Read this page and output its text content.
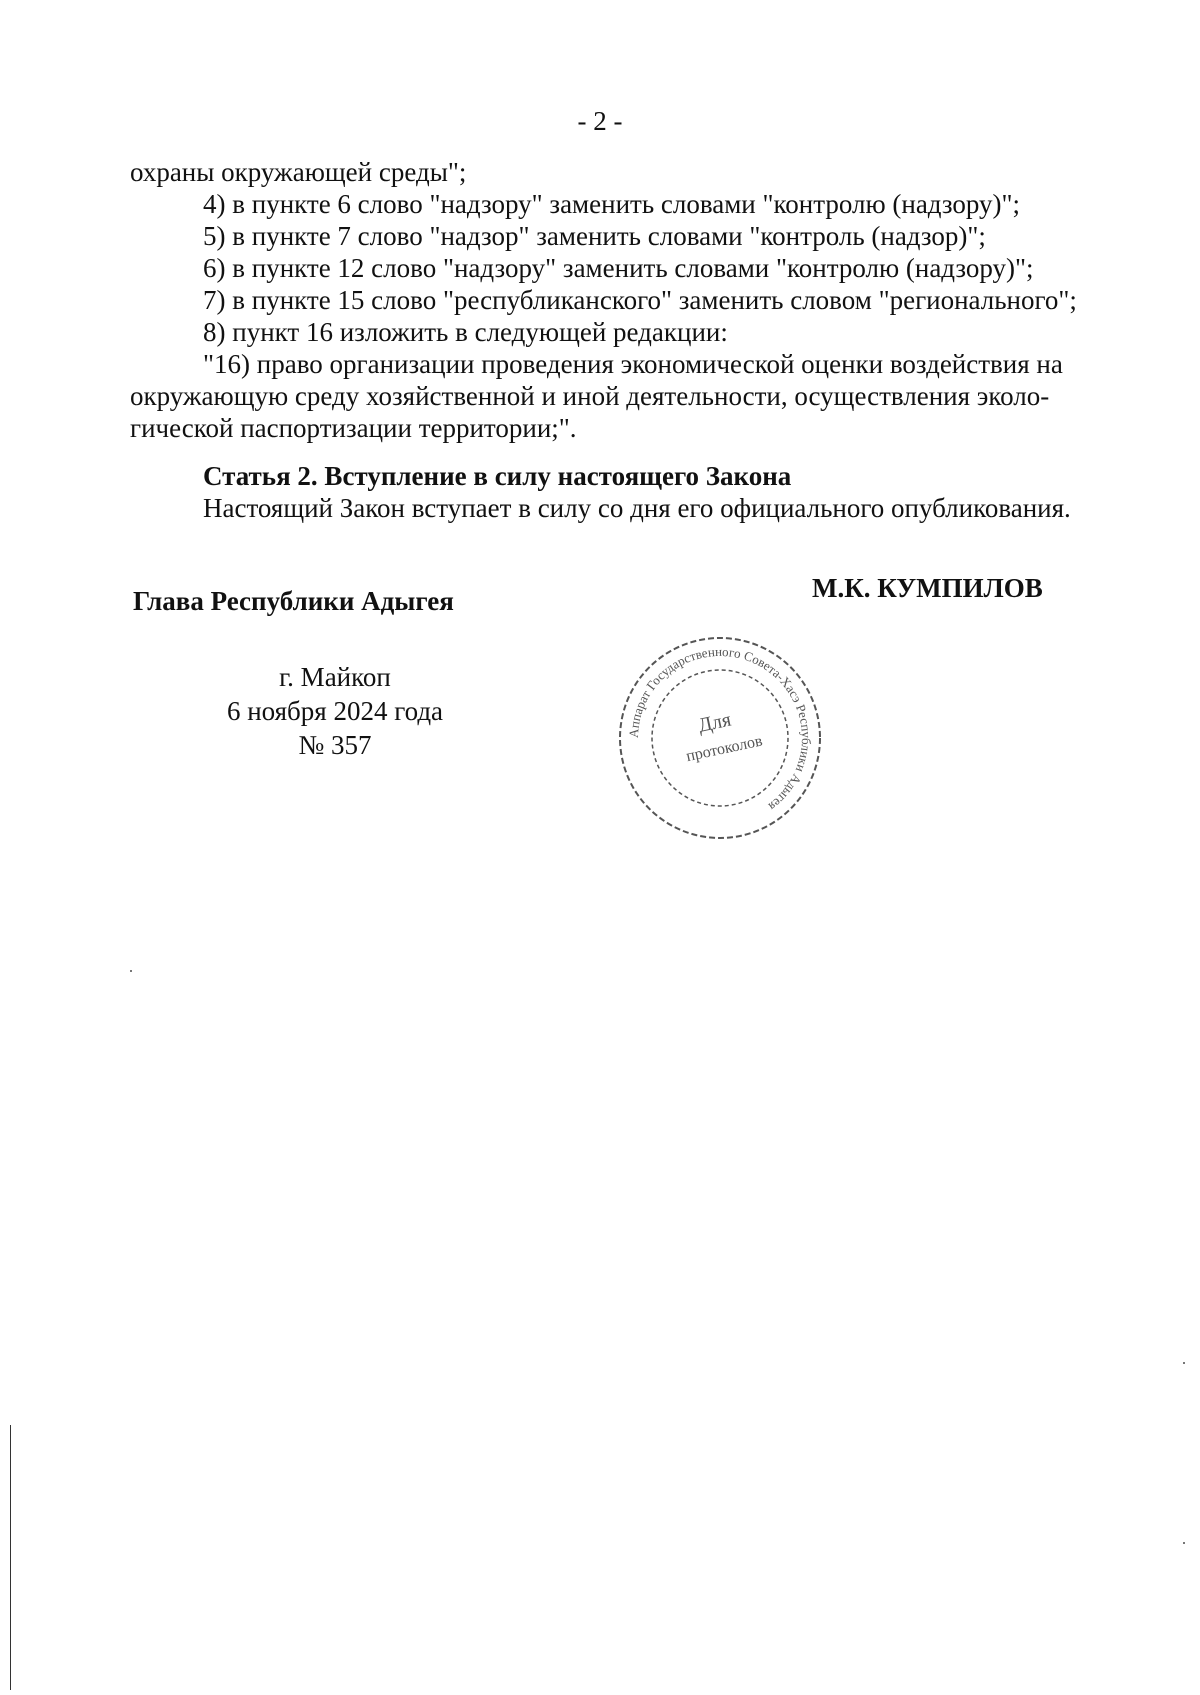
- 2 -
охраны окружающей среды";
4) в пункте 6 слово "надзору" заменить словами "контролю (надзору)";
5) в пункте 7 слово "надзор" заменить словами "контроль (надзор)";
6) в пункте 12 слово "надзору" заменить словами "контролю (надзору)";
7) в пункте 15 слово "республиканского" заменить словом "регионального";
8) пункт 16 изложить в следующей редакции:
"16) право организации проведения экономической оценки воздействия на
окружающую среду хозяйственной и иной деятельности, осуществления эколо-
гической паспортизации территории;".
Статья 2. Вступление в силу настоящего Закона
Настоящий Закон вступает в силу со дня его официального опубликования.
Глава Республики Адыгея	М.К. КУМПИЛОВ
г. Майкоп
6 ноября 2024 года
№ 357	Аппарат Государственного Совета-Хасэ Республики Адыгея
Для
протоколов
